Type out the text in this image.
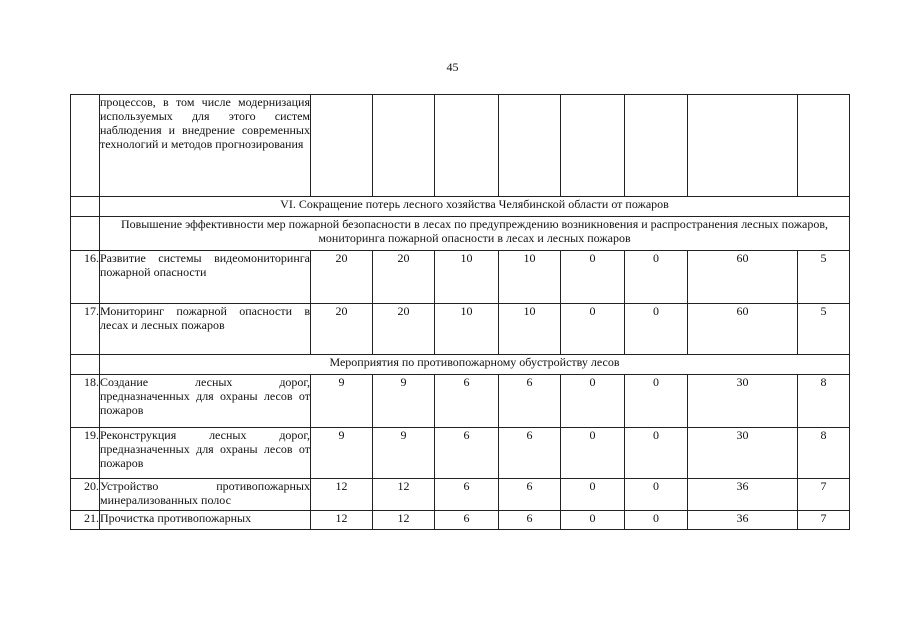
45
	процессов, в том числе модернизация используемых для этого систем наблюдения и внедрение современных технологий и методов прогнозирования								
	VI. Сокращение потерь лесного хозяйства Челябинской области от пожаров								
	Повышение эффективности мер пожарной безопасности в лесах по предупреждению возникновения и распространения лесных пожаров, мониторинга пожарной опасности в лесах и лесных пожаров								
16.	Развитие системы видеомониторинга пожарной опасности	20	20	10	10	0	0	60	5
17.	Мониторинг пожарной опасности в лесах и лесных пожаров	20	20	10	10	0	0	60	5
	Мероприятия по противопожарному обустройству лесов								
18.	Создание лесных дорог, предназначенных для охраны лесов от пожаров	9	9	6	6	0	0	30	8
19.	Реконструкция лесных дорог, предназначенных для охраны лесов от пожаров	9	9	6	6	0	0	30	8
20.	Устройство противопожарных минерализованных полос	12	12	6	6	0	0	36	7
21.	Прочистка противопожарных	12	12	6	6	0	0	36	7
